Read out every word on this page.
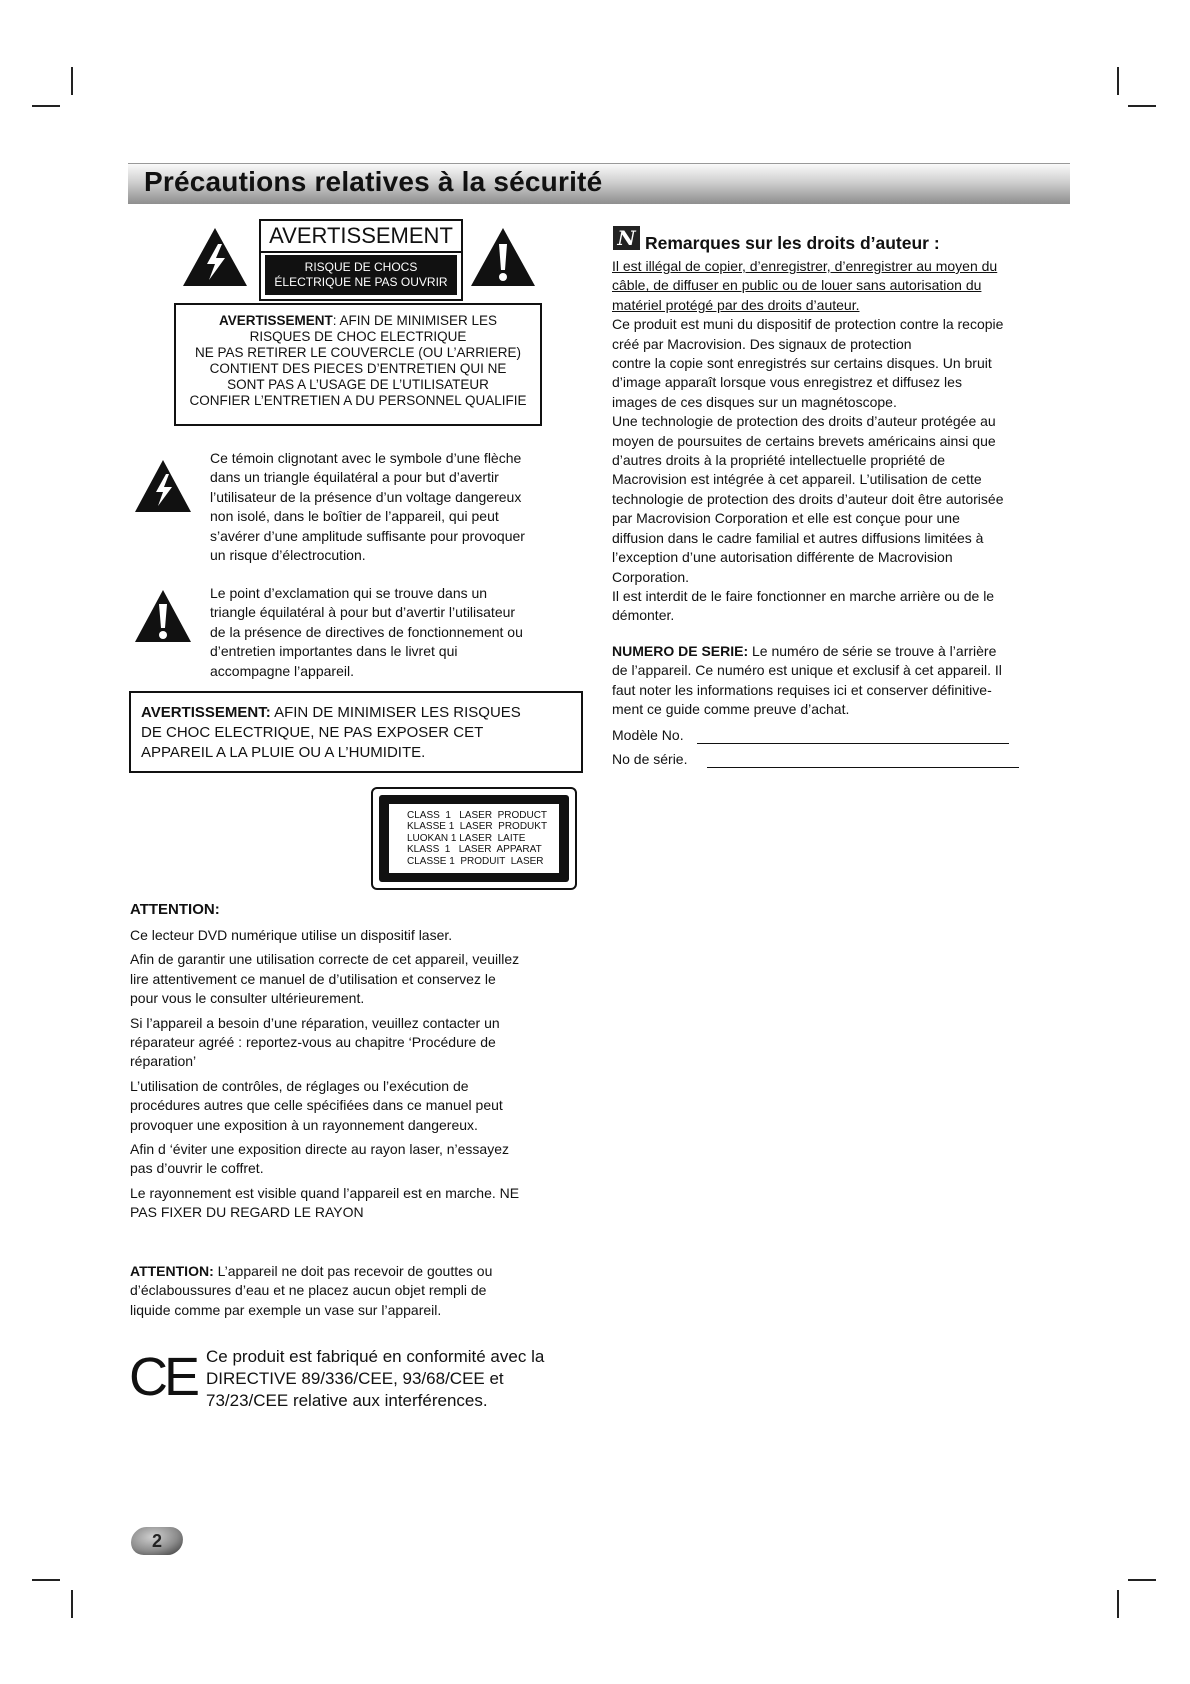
Précautions relatives à la sécurité
AVERTISSEMENT
RISQUE DE CHOCS
ÉLECTRIQUE NE PAS OUVRIR

AVERTISSEMENT: AFIN DE MINIMISER LES

RISQUES DE CHOC ELECTRIQUE

NE PAS RETIRER LE COUVERCLE (OU L’ARRIERE)

CONTIENT DES PIECES D’ENTRETIEN QUI NE

SONT PAS A L’USAGE DE L’UTILISATEUR

CONFIER L’ENTRETIEN A DU PERSONNEL QUALIFIE

Ce témoin clignotant avec le symbole d’une flèche

dans un triangle équilatéral a pour but d’avertir

l’utilisateur de la présence d’un voltage dangereux

non isolé, dans le boîtier de l’appareil, qui peut

s’avérer d’une amplitude suffisante pour provoquer

un risque d’électrocution.

Le point d’exclamation qui se trouve dans un

triangle équilatéral à pour but d’avertir l’utilisateur

de la présence de directives de fonctionnement ou

d’entretien importantes dans le livret qui

accompagne l’appareil.

AVERTISSEMENT: AFIN DE MINIMISER LES RISQUES

DE CHOC ELECTRIQUE, NE PAS EXPOSER CET

APPAREIL A LA PLUIE OU A L’HUMIDITE.

CLASS  1   LASER  PRODUCT
KLASSE 1  LASER  PRODUKT
LUOKAN 1 LASER  LAITE
KLASS  1   LASER  APPARAT
CLASSE 1  PRODUIT  LASER

ATTENTION:

Ce lecteur DVD numérique utilise un dispositif laser.
Afin de garantir une utilisation correcte de cet appareil, veuillez
lire attentivement ce manuel de d’utilisation et conservez le
pour vous le consulter ultérieurement.
Si l’appareil a besoin d’une réparation, veuillez contacter un
réparateur agréé : reportez-vous au chapitre ‘Procédure de
réparation’
L’utilisation de contrôles, de réglages ou l’exécution de
procédures autres que celle spécifiées dans ce manuel peut
provoquer une exposition à un rayonnement dangereux.
Afin d ‘éviter une exposition directe au rayon laser, n’essayez
pas d’ouvrir le coffret.
Le rayonnement est visible quand l’appareil est en marche. NE
PAS FIXER DU REGARD LE RAYON
ATTENTION: L’appareil ne doit pas recevoir de gouttes ou
d’éclaboussures d’eau et ne placez aucun objet rempli de
liquide comme par exemple un vase sur l’appareil.
CE Ce produit est fabriqué en conformité avec la
DIRECTIVE 89/336/CEE, 93/68/CEE et
73/23/CEE relative aux interférences.
N Remarques sur les droits d’auteur :
Il est illégal de copier, d’enregistrer, d’enregistrer au moyen du
câble, de diffuser en public ou de louer sans autorisation du
matériel protégé par des droits d’auteur.
Ce produit est muni du dispositif de protection contre la recopie
créé par Macrovision. Des signaux de protection
contre la copie sont enregistrés sur certains disques. Un bruit
d’image apparaît lorsque vous enregistrez et diffusez les
images de ces disques sur un magnétoscope.
Une technologie de protection des droits d’auteur protégée au
moyen de poursuites de certains brevets américains ainsi que
d’autres droits à la propriété intellectuelle propriété de
Macrovision est intégrée à cet appareil. L’utilisation de cette
technologie de protection des droits d’auteur doit être autorisée
par Macrovision Corporation et elle est conçue pour une
diffusion dans le cadre familial et autres diffusions limitées à
l’exception d’une autorisation différente de Macrovision
Corporation.
Il est interdit de le faire fonctionner en marche arrière ou de le
démonter.
NUMERO DE SERIE: Le numéro de série se trouve à l’arrière
de l’appareil. Ce numéro est unique et exclusif à cet appareil. Il
faut noter les informations requises ici et conserver définitive-
ment ce guide comme preuve d’achat.
Modèle No.
No de série.
2
